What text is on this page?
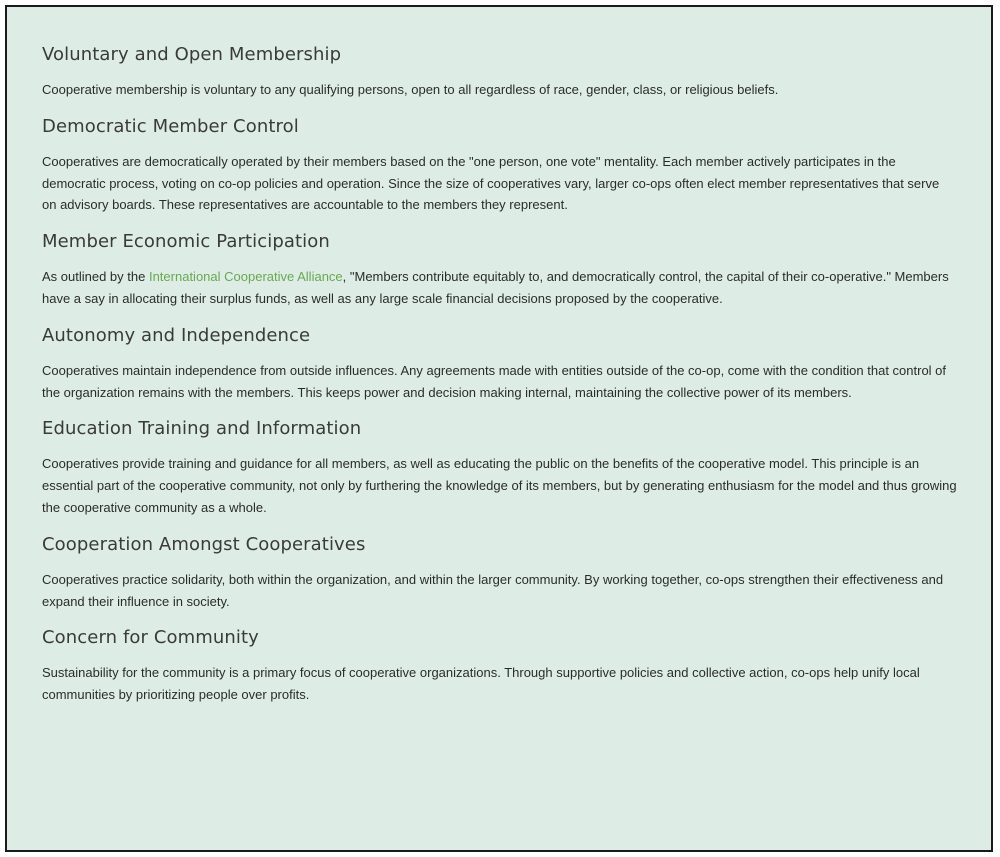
Voluntary and Open Membership

Cooperative membership is voluntary to any qualifying persons, open to all regardless of race, gender, class, or religious beliefs.

Democratic Member Control

Cooperatives are democratically operated by their members based on the "one person, one vote" mentality. Each member actively participates in the democratic process, voting on co-op policies and operation. Since the size of cooperatives vary, larger co-ops often elect member representatives that serve on advisory boards. These representatives are accountable to the members they represent.

Member Economic Participation

As outlined by the International Cooperative Alliance, "Members contribute equitably to, and democratically control, the capital of their co-operative." Members have a say in allocating their surplus funds, as well as any large scale financial decisions proposed by the cooperative.

Autonomy and Independence

Cooperatives maintain independence from outside influences. Any agreements made with entities outside of the co-op, come with the condition that control of the organization remains with the members. This keeps power and decision making internal, maintaining the collective power of its members.

Education Training and Information

Cooperatives provide training and guidance for all members, as well as educating the public on the benefits of the cooperative model. This principle is an essential part of the cooperative community, not only by furthering the knowledge of its members, but by generating enthusiasm for the model and thus growing the cooperative community as a whole.

Cooperation Amongst Cooperatives

Cooperatives practice solidarity, both within the organization, and within the larger community. By working together, co-ops strengthen their effectiveness and expand their influence in society.

Concern for Community

Sustainability for the community is a primary focus of cooperative organizations. Through supportive policies and collective action, co-ops help unify local communities by prioritizing people over profits.
